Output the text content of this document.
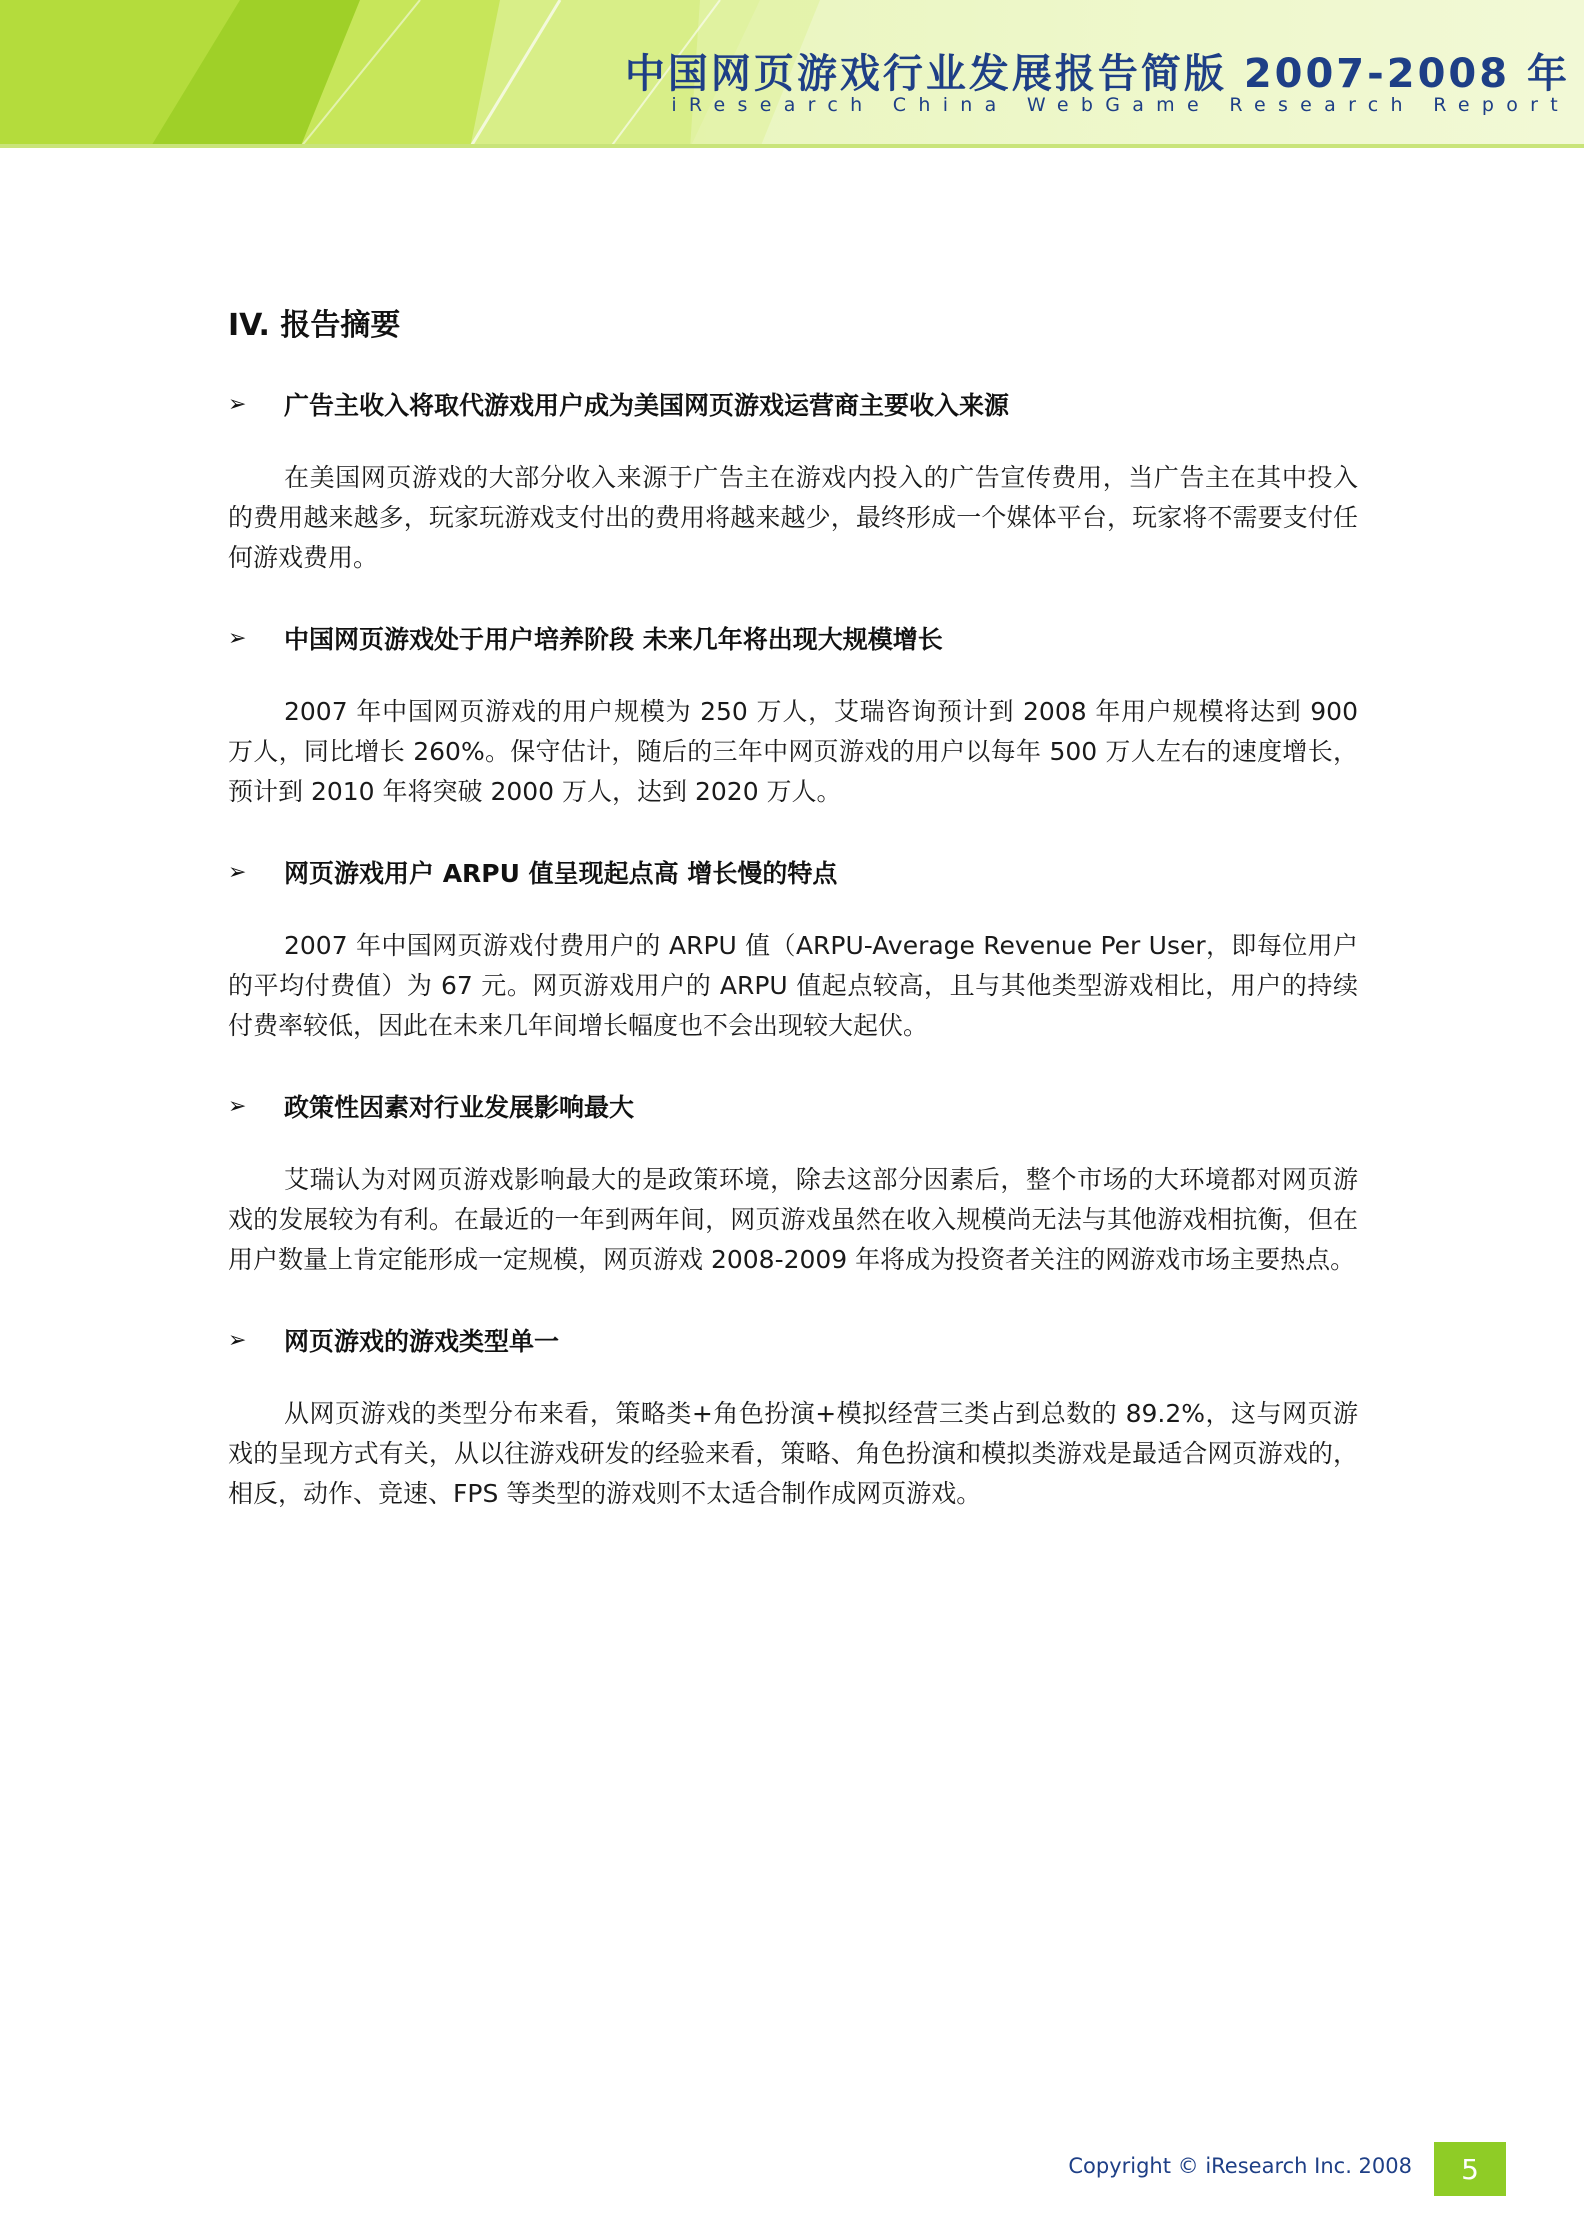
中国网页游戏行业发展报告简版 2007-2008 年
iResearch China WebGame Research Report
IV. 报告摘要
➢	广告主收入将取代游戏用户成为美国网页游戏运营商主要收入来源

在美国网页游戏的大部分收入来源于广告主在游戏内投入的广告宣传费用，当广告主在其中投入的费用越来越多，玩家玩游戏支付出的费用将越来越少，最终形成一个媒体平台，玩家将不需要支付任何游戏费用。

➢	中国网页游戏处于用户培养阶段 未来几年将出现大规模增长

2007 年中国网页游戏的用户规模为 250 万人，艾瑞咨询预计到 2008 年用户规模将达到 900 万人，同比增长 260%。保守估计，随后的三年中网页游戏的用户以每年 500 万人左右的速度增长，预计到 2010 年将突破 2000 万人，达到 2020 万人。

➢	网页游戏用户 ARPU 值呈现起点高 增长慢的特点

2007 年中国网页游戏付费用户的 ARPU 值（ARPU-Average Revenue Per User，即每位用户的平均付费值）为 67 元。网页游戏用户的 ARPU 值起点较高，且与其他类型游戏相比，用户的持续付费率较低，因此在未来几年间增长幅度也不会出现较大起伏。

➢	政策性因素对行业发展影响最大

艾瑞认为对网页游戏影响最大的是政策环境，除去这部分因素后，整个市场的大环境都对网页游戏的发展较为有利。在最近的一年到两年间，网页游戏虽然在收入规模尚无法与其他游戏相抗衡，但在用户数量上肯定能形成一定规模，网页游戏 2008-2009 年将成为投资者关注的网游戏市场主要热点。

➢	网页游戏的游戏类型单一

从网页游戏的类型分布来看，策略类+角色扮演+模拟经营三类占到总数的 89.2%，这与网页游戏的呈现方式有关，从以往游戏研发的经验来看，策略、角色扮演和模拟类游戏是最适合网页游戏的，相反，动作、竞速、FPS 等类型的游戏则不太适合制作成网页游戏。

Copyright © iResearch Inc. 2008	5
